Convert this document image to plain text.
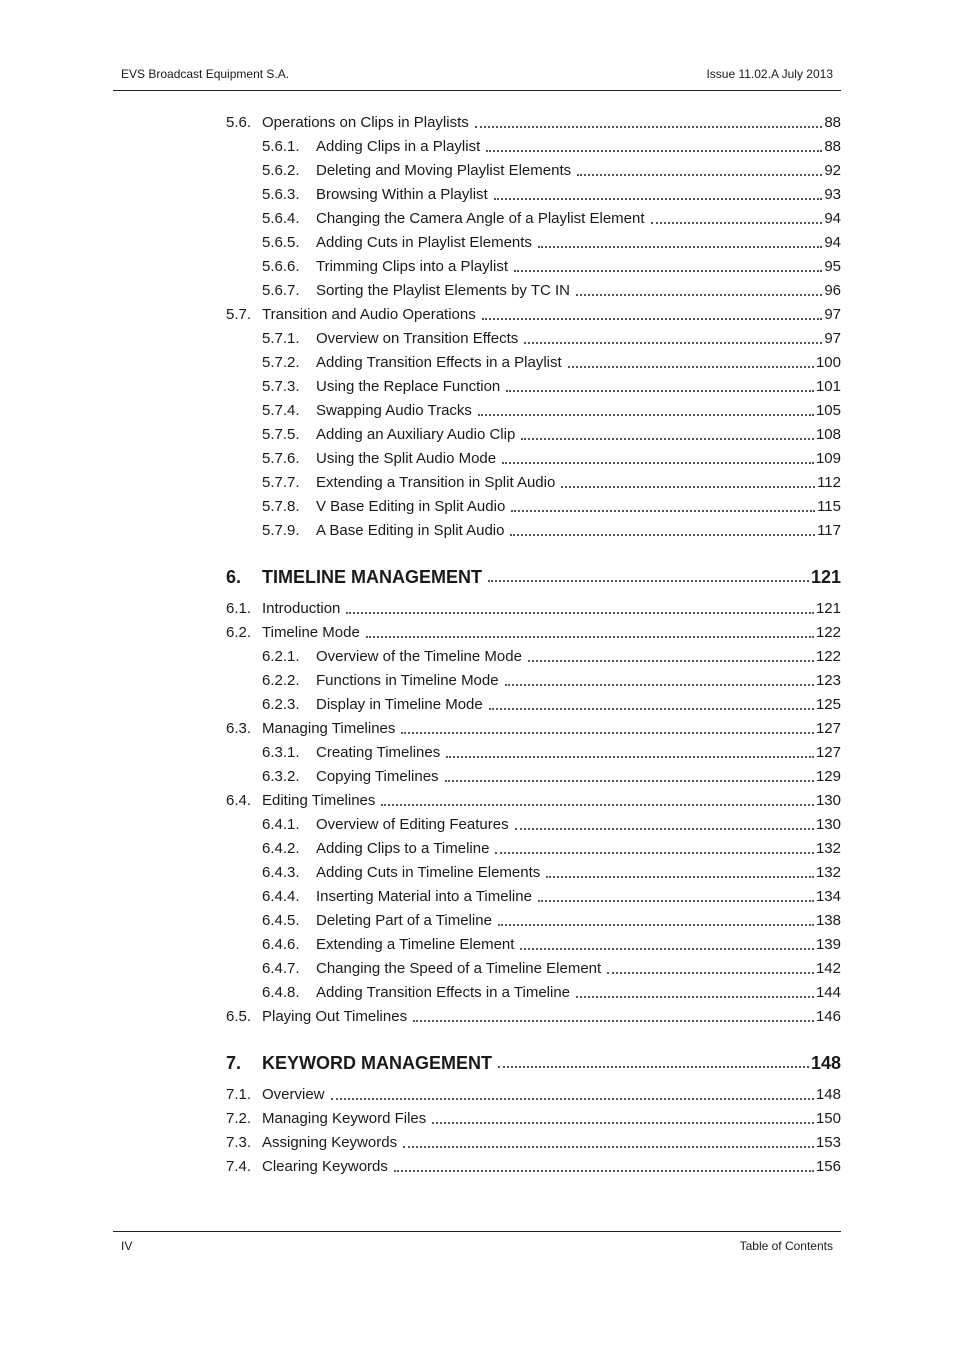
EVS Broadcast Equipment S.A.	Issue 11.02.A July 2013
5.6. Operations on Clips in Playlists	88
5.6.1.	Adding Clips in a Playlist	88
5.6.2.	Deleting and Moving Playlist Elements	92
5.6.3.	Browsing Within a Playlist	93
5.6.4.	Changing the Camera Angle of a Playlist Element	94
5.6.5.	Adding Cuts in Playlist Elements	94
5.6.6.	Trimming Clips into a Playlist	95
5.6.7.	Sorting the Playlist Elements by TC IN	96
5.7. Transition and Audio Operations	97
5.7.1.	Overview on Transition Effects	97
5.7.2.	Adding Transition Effects in a Playlist	100
5.7.3.	Using the Replace Function	101
5.7.4.	Swapping Audio Tracks	105
5.7.5.	Adding an Auxiliary Audio Clip	108
5.7.6.	Using the Split Audio Mode	109
5.7.7.	Extending a Transition in Split Audio	112
5.7.8.	V Base Editing in Split Audio	115
5.7.9.	A Base Editing in Split Audio	117
6.	TIMELINE MANAGEMENT	121
6.1. Introduction	121
6.2. Timeline Mode	122
6.2.1.	Overview of the Timeline Mode	122
6.2.2.	Functions in Timeline Mode	123
6.2.3.	Display in Timeline Mode	125
6.3. Managing Timelines	127
6.3.1.	Creating Timelines	127
6.3.2.	Copying Timelines	129
6.4. Editing Timelines	130
6.4.1.	Overview of Editing Features	130
6.4.2.	Adding Clips to a Timeline	132
6.4.3.	Adding Cuts in Timeline Elements	132
6.4.4.	Inserting Material into a Timeline	134
6.4.5.	Deleting Part of a Timeline	138
6.4.6.	Extending a Timeline Element	139
6.4.7.	Changing the Speed of a Timeline Element	142
6.4.8.	Adding Transition Effects in a Timeline	144
6.5. Playing Out Timelines	146
7.	KEYWORD MANAGEMENT	148
7.1. Overview	148
7.2. Managing Keyword Files	150
7.3. Assigning Keywords	153
7.4. Clearing Keywords	156
IV	Table of Contents
